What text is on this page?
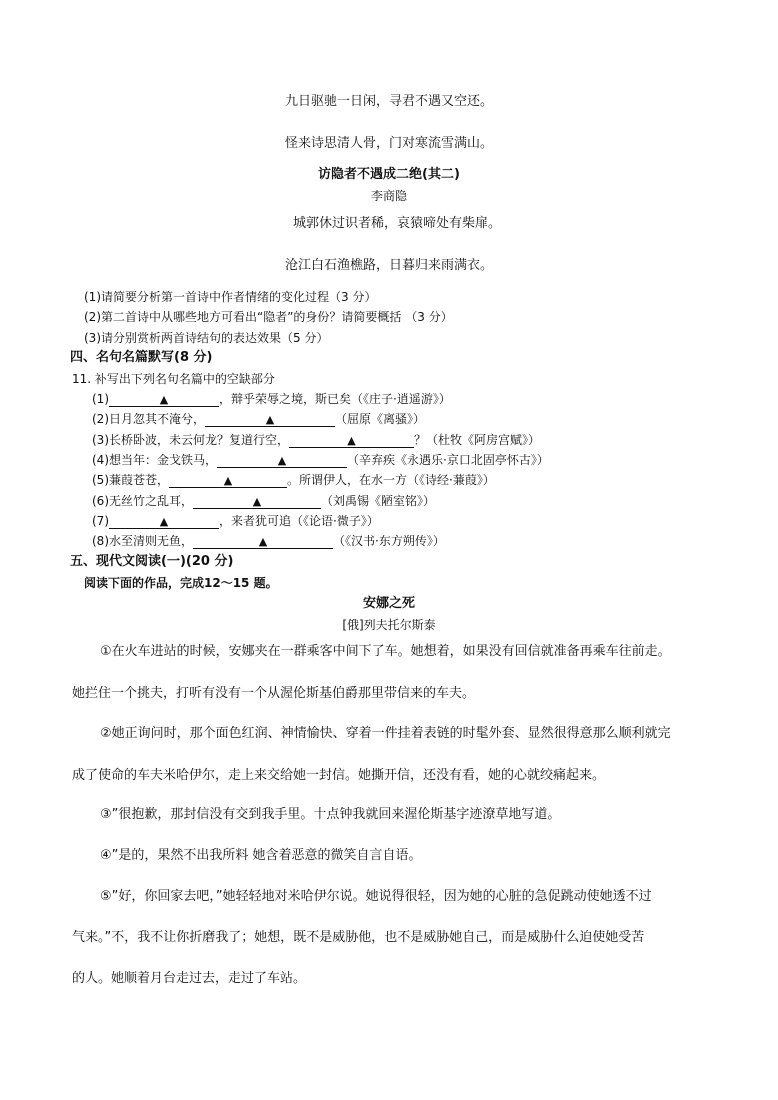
九日驱驰一日闲，寻君不遇又空还。
怪来诗思清人骨，门对寒流雪满山。
访隐者不遇成二绝(其二)
李商隐
城郭休过识者稀，哀猿啼处有柴扉。
沧江白石渔樵路，日暮归来雨满衣。
(1)请简要分析第一首诗中作者情绪的变化过程（3 分）
(2)第二首诗中从哪些地方可看出“隐者”的身份？请简要概括 （3 分）
(3)请分别赏析两首诗结句的表达效果（5 分）
四、名句名篇默写(8 分)
11. 补写出下列名句名篇中的空缺部分
(1)	▲	，辩乎荣辱之境，斯已矣（《庄子·逍遥游》）
(2)日月忽其不淹兮，	▲	（屈原《离骚》）
(3)长桥卧波，未云何龙？复道行空，	▲	？（杜牧《阿房宫赋》）
(4)想当年：金戈铁马，	▲	（辛弃疾《永遇乐·京口北固亭怀古》）
(5)蒹葭苍苍，	▲	。所谓伊人，在水一方（《诗经·蒹葭》）
(6)无丝竹之乱耳，	▲	（刘禹锡《陋室铭》）
(7)	▲	，来者犹可追（《论语·微子》）
(8)水至清则无鱼，	▲	（《汉书·东方朔传》）
五、现代文阅读(一)(20 分)
阅读下面的作品，完成12～15 题。
安娜之死
[俄]列夫托尔斯泰
①在火车进站的时候，安娜夹在一群乘客中间下了车。她想着，如果没有回信就准备再乘车往前走。
她拦住一个挑夫，打听有没有一个从渥伦斯基伯爵那里带信来的车夫。
②她正询问时，那个面色红润、神情愉快、穿着一件挂着表链的时髦外套、显然很得意那么顺利就完
成了使命的车夫米哈伊尔，走上来交给她一封信。她撕开信，还没有看，她的心就绞痛起来。
③”很抱歉，那封信没有交到我手里。十点钟我就回来渥伦斯基字迹潦草地写道。
④”是的，果然不出我所料 她含着恶意的微笑自言自语。
⑤”好，你回家去吧，”她轻轻地对米哈伊尔说。她说得很轻，因为她的心脏的急促跳动使她透不过
气来。”不，我不让你折磨我了；她想，既不是威胁他，也不是威胁她自己，而是威胁什么迫使她受苦
的人。她顺着月台走过去，走过了车站。
